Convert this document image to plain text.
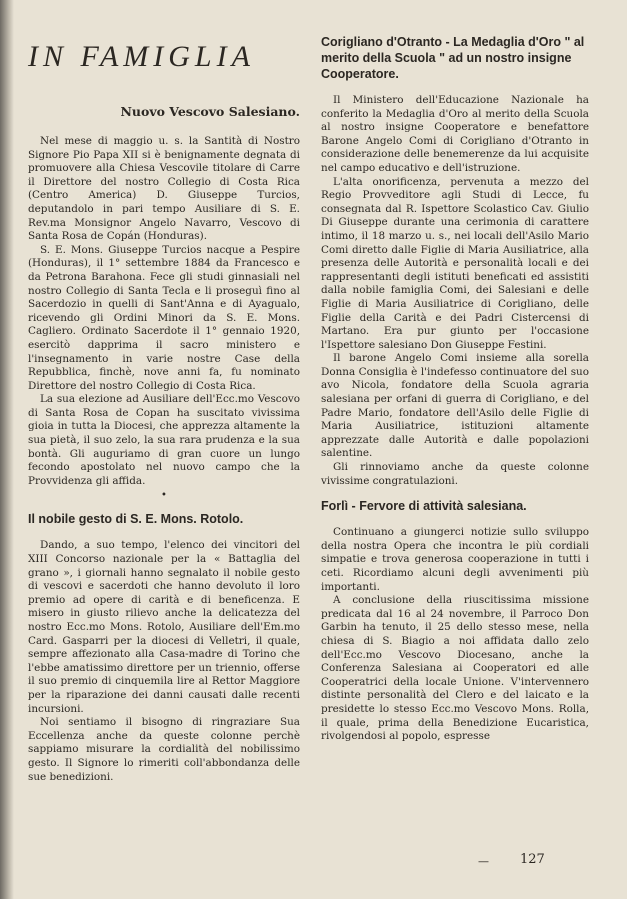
IN FAMIGLIA
Nuovo Vescovo Salesiano.

Nel mese di maggio u. s. la Santità di Nostro Signore Pio Papa XII si è benignamente degnata di promuovere alla Chiesa Vescovile titolare di Carre il Direttore del nostro Collegio di Costa Rica (Centro America) D. Giuseppe Turcios, deputandolo in pari tempo Ausiliare di S. E. Rev.ma Monsignor Angelo Navarro, Vescovo di Santa Rosa de Copán (Honduras).

S. E. Mons. Giuseppe Turcios nacque a Pespire (Honduras), il 1° settembre 1884 da Francesco e da Petrona Barahona. Fece gli studi ginnasiali nel nostro Collegio di Santa Tecla e li proseguì fino al Sacerdozio in quelli di Sant'Anna e di Ayagualo, ricevendo gli Ordini Minori da S. E. Mons. Cagliero. Ordinato Sacerdote il 1° gennaio 1920, esercitò dapprima il sacro ministero e l'insegnamento in varie nostre Case della Repubblica, finchè, nove anni fa, fu nominato Direttore del nostro Collegio di Costa Rica.

La sua elezione ad Ausiliare dell'Ecc.mo Vescovo di Santa Rosa de Copan ha suscitato vivissima gioia in tutta la Diocesi, che apprezza altamente la sua pietà, il suo zelo, la sua rara prudenza e la sua bontà. Gli auguriamo di gran cuore un lungo fecondo apostolato nel nuovo campo che la Provvidenza gli affida.

•
Il nobile gesto di S. E. Mons. Rotolo.

Dando, a suo tempo, l'elenco dei vincitori del XIII Concorso nazionale per la « Battaglia del grano », i giornali hanno segnalato il nobile gesto di vescovi e sacerdoti che hanno devoluto il loro premio ad opere di carità e di beneficenza. E misero in giusto rilievo anche la delicatezza del nostro Ecc.mo Mons. Rotolo, Ausiliare dell'Em.mo Card. Gasparri per la diocesi di Velletri, il quale, sempre affezionato alla Casa-madre di Torino che l'ebbe amatissimo direttore per un triennio, offerse il suo premio di cinquemila lire al Rettor Maggiore per la riparazione dei danni causati dalle recenti incursioni.

Noi sentiamo il bisogno di ringraziare Sua Eccellenza anche da queste colonne perchè sappiamo misurare la cordialità del nobilissimo gesto. Il Signore lo rimeriti coll'abbondanza delle sue benedizioni.

Corigliano d'Otranto - La Medaglia d'Oro " al merito della Scuola " ad un nostro insigne Cooperatore.

Il Ministero dell'Educazione Nazionale ha conferito la Medaglia d'Oro al merito della Scuola al nostro insigne Cooperatore e benefattore Barone Angelo Comi di Corigliano d'Otranto in considerazione delle benemerenze da lui acquisite nel campo educativo e dell'istruzione.

L'alta onorificenza, pervenuta a mezzo del Regio Provveditore agli Studi di Lecce, fu consegnata dal R. Ispettore Scolastico Cav. Giulio Di Giuseppe durante una cerimonia di carattere intimo, il 18 marzo u. s., nei locali dell'Asilo Mario Comi diretto dalle Figlie di Maria Ausiliatrice, alla presenza delle Autorità e personalità locali e dei rappresentanti degli istituti beneficati ed assistiti dalla nobile famiglia Comi, dei Salesiani e delle Figlie di Maria Ausiliatrice di Corigliano, delle Figlie della Carità e dei Padri Cistercensi di Martano. Era pur giunto per l'occasione l'Ispettore salesiano Don Giuseppe Festini.

Il barone Angelo Comi insieme alla sorella Donna Consiglia è l'indefesso continuatore del suo avo Nicola, fondatore della Scuola agraria salesiana per orfani di guerra di Corigliano, e del Padre Mario, fondatore dell'Asilo delle Figlie di Maria Ausiliatrice, istituzioni altamente apprezzate dalle Autorità e dalle popolazioni salentine.

Gli rinnoviamo anche da queste colonne vivissime congratulazioni.

Forlì - Fervore di attività salesiana.

Continuano a giungerci notizie sullo sviluppo della nostra Opera che incontra le più cordiali simpatie e trova generosa cooperazione in tutti i ceti. Ricordiamo alcuni degli avvenimenti più importanti.

A conclusione della riuscitissima missione predicata dal 16 al 24 novembre, il Parroco Don Garbin ha tenuto, il 25 dello stesso mese, nella chiesa di S. Biagio a noi affidata dallo zelo dell'Ecc.mo Vescovo Diocesano, anche la Conferenza Salesiana ai Cooperatori ed alle Cooperatrici della locale Unione. V'intervennero distinte personalità del Clero e del laicato e la presidette lo stesso Ecc.mo Vescovo Mons. Rolla, il quale, prima della Benedizione Eucaristica, rivolgendosi al popolo, espresse

— 127
